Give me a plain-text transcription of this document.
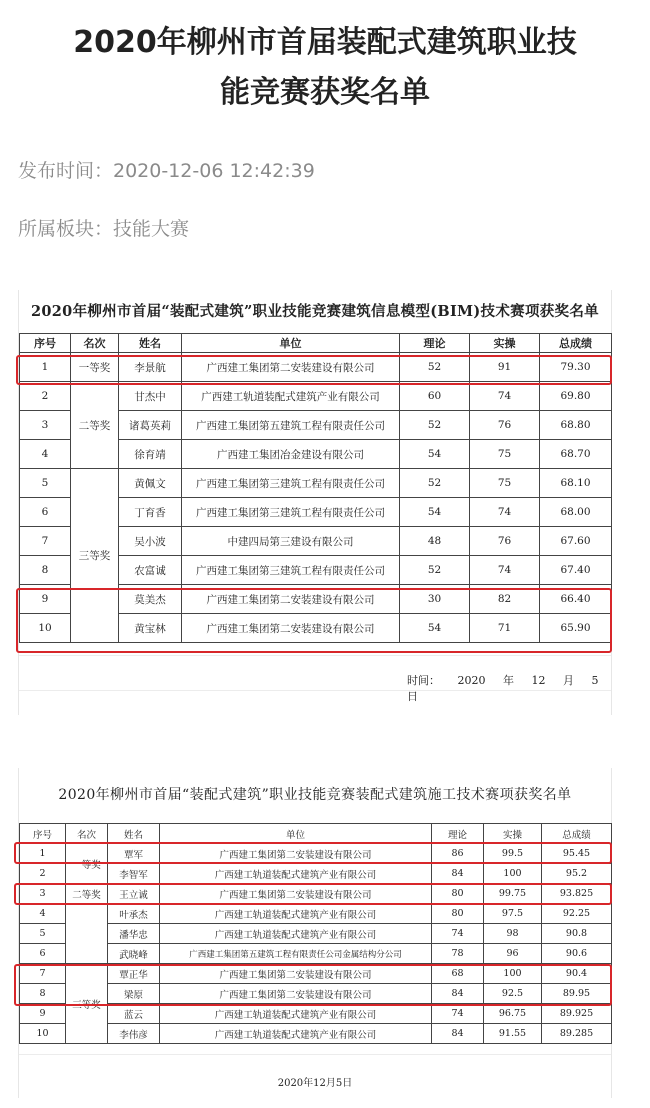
2020年柳州市首届装配式建筑职业技
能竞赛获奖名单
发布时间：2020-12-06 12:42:39
所属板块：技能大赛
2020年柳州市首届“装配式建筑”职业技能竞赛建筑信息模型(BIM)技术赛项获奖名单
序号	名次	姓名	单位	理论	实操	总成绩
1	一等奖	李景航	广西建工集团第二安装建设有限公司	52	91	79.30
2	二等奖	甘杰中	广西建工轨道装配式建筑产业有限公司	60	74	69.80
3		诸葛英莉	广西建工集团第五建筑工程有限责任公司	52	76	68.80
4		徐育靖	广西建工集团冶金建设有限公司	54	75	68.70
5	三等奖	黄佩文	广西建工集团第三建筑工程有限责任公司	52	75	68.10
6		丁育香	广西建工集团第三建筑工程有限责任公司	54	74	68.00
7		吴小波	中建四局第三建设有限公司	48	76	67.60
8		农富诚	广西建工集团第三建筑工程有限责任公司	52	74	67.40
9		莫美杰	广西建工集团第二安装建设有限公司	30	82	66.40
10		黄宝林	广西建工集团第二安装建设有限公司	54	71	65.90
时间： 2020 年 12 月 5 日
2020年柳州市首届“装配式建筑”职业技能竞赛装配式建筑施工技术赛项获奖名单
序号	名次	姓名	单位	理论	实操	总成绩
1	一等奖	覃军	广西建工集团第二安装建设有限公司	86	99.5	95.45
2		李智军	广西建工轨道装配式建筑产业有限公司	84	100	95.2
3	二等奖	王立诚	广西建工集团第二安装建设有限公司	80	99.75	93.825
4		叶承杰	广西建工轨道装配式建筑产业有限公司	80	97.5	92.25
5		潘华忠	广西建工轨道装配式建筑产业有限公司	74	98	90.8
6		武晓峰	广西建工集团第五建筑工程有限责任公司金属结构分公司	78	96	90.6
7	三等奖	覃正华	广西建工集团第二安装建设有限公司	68	100	90.4
8		梁原	广西建工集团第二安装建设有限公司	84	92.5	89.95
9		蓝云	广西建工轨道装配式建筑产业有限公司	74	96.75	89.925
10		李伟彦	广西建工轨道装配式建筑产业有限公司	84	91.55	89.285
2020年12月5日
